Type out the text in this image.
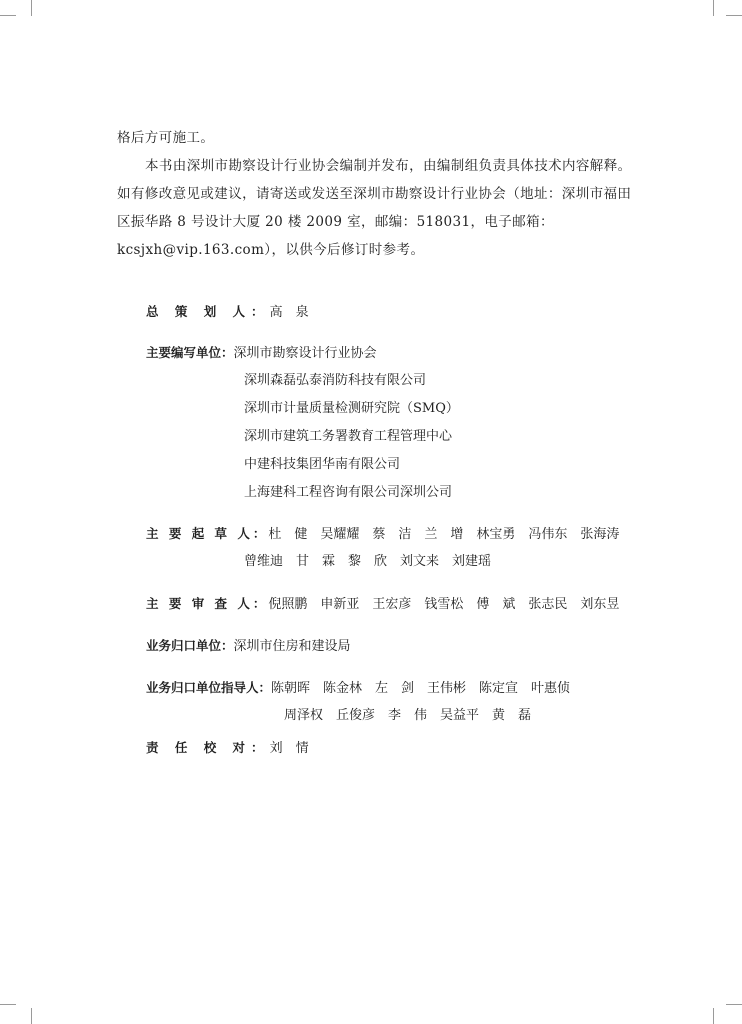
格后方可施工。

本书由深圳市勘察设计行业协会编制并发布，由编制组负责具体技术内容解释。如有修改意见或建议，请寄送或发送至深圳市勘察设计行业协会（地址：深圳市福田区振华路 8 号设计大厦 20 楼 2009 室，邮编：518031，电子邮箱：kcsjxh@vip.163.com），以供今后修订时参考。

总 策 划 人：高　泉
主要编写单位：深圳市勘察设计行业协会
深圳森磊弘泰消防科技有限公司
深圳市计量质量检测研究院（SMQ）
深圳市建筑工务署教育工程管理中心
中建科技集团华南有限公司
上海建科工程咨询有限公司深圳公司
主 要 起 草 人：杜　健　吴耀耀　蔡　洁　兰　增　林宝勇　冯伟东　张海涛
曾维迪　甘　霖　黎　欣　刘文来　刘建瑶
主 要 审 查 人：倪照鹏　申新亚　王宏彦　钱雪松　傅　斌　张志民　刘东昱
业务归口单位：深圳市住房和建设局
业务归口单位指导人：陈朝晖　陈金林　左　剑　王伟彬　陈定宣　叶惠侦
周泽权　丘俊彦　李　伟　吴益平　黄　磊
责 任 校 对：刘　情
